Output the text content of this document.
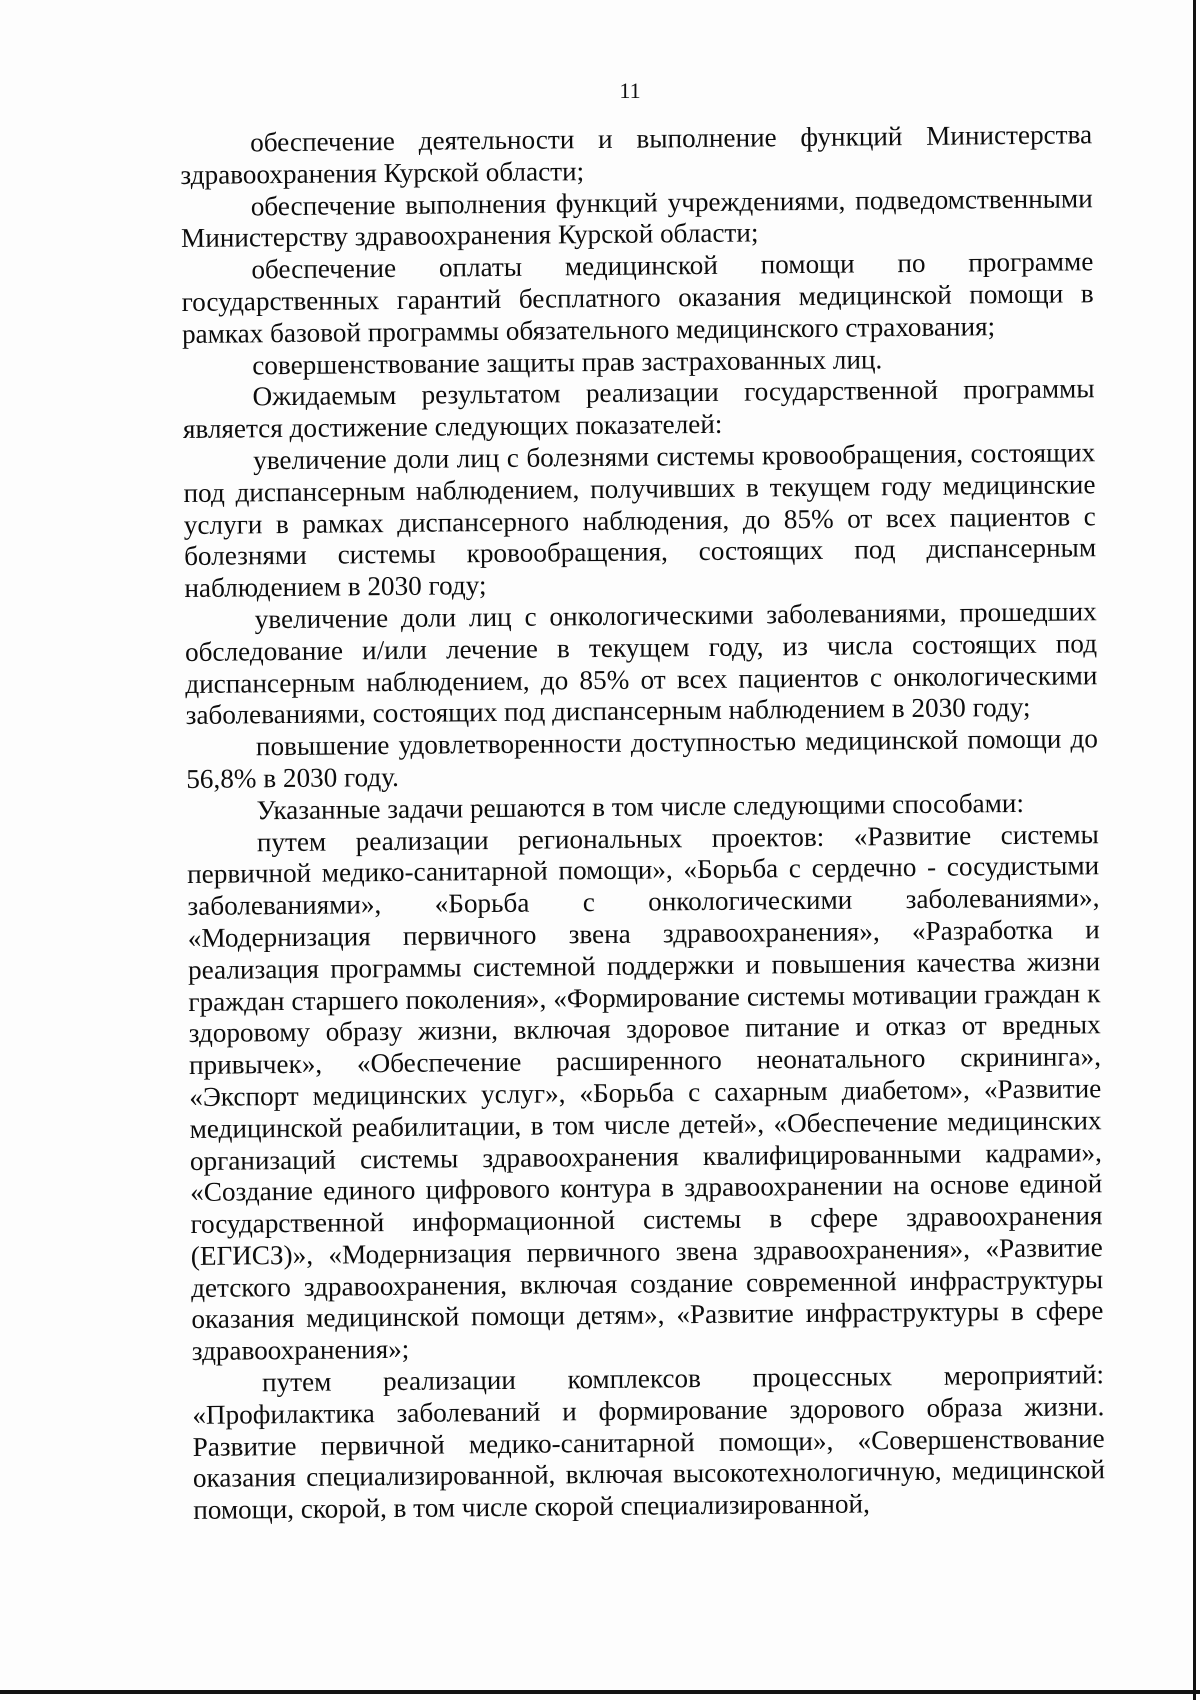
11

обеспечение деятельности и выполнение функций Министерства здравоохранения Курской области;

обеспечение выполнения функций учреждениями, подведомственными Министерству здравоохранения Курской области;

обеспечение оплаты медицинской помощи по программе государственных гарантий бесплатного оказания медицинской помощи в рамках базовой программы обязательного медицинского страхования;

совершенствование защиты прав застрахованных лиц.

Ожидаемым результатом реализации государственной программы является достижение следующих показателей:

увеличение доли лиц с болезнями системы кровообращения, состоящих под диспансерным наблюдением, получивших в текущем году медицинские услуги в рамках диспансерного наблюдения, до 85% от всех пациентов с болезнями системы кровообращения, состоящих под диспансерным наблюдением в 2030 году;

увеличение доли лиц с онкологическими заболеваниями, прошедших обследование и/или лечение в текущем году, из числа состоящих под диспансерным наблюдением, до 85% от всех пациентов с онкологическими заболеваниями, состоящих под диспансерным наблюдением в 2030 году;

повышение удовлетворенности доступностью медицинской помощи до 56,8% в 2030 году.

Указанные задачи решаются в том числе следующими способами:

путем реализации региональных проектов: «Развитие системы первичной медико-санитарной помощи», «Борьба с сердечно - сосудистыми заболеваниями», «Борьба с онкологическими заболеваниями», «Модернизация первичного звена здравоохранения», «Разработка и реализация программы системной поддержки и повышения качества жизни граждан старшего поколения», «Формирование системы мотивации граждан к здоровому образу жизни, включая здоровое питание и отказ от вредных привычек», «Обеспечение расширенного неонатального скрининга», «Экспорт медицинских услуг», «Борьба с сахарным диабетом», «Развитие медицинской реабилитации, в том числе детей», «Обеспечение медицинских организаций системы здравоохранения квалифицированными кадрами», «Создание единого цифрового контура в здравоохранении на основе единой государственной информационной системы в сфере здравоохранения (ЕГИСЗ)», «Модернизация первичного звена здравоохранения», «Развитие детского здравоохранения, включая создание современной инфраструктуры оказания медицинской помощи детям», «Развитие инфраструктуры в сфере здравоохранения»;

путем реализации комплексов процессных мероприятий: «Профилактика заболеваний и формирование здорового образа жизни. Развитие первичной медико-санитарной помощи», «Совершенствование оказания специализированной, включая высокотехнологичную, медицинской помощи, скорой, в том числе скорой специализированной,
